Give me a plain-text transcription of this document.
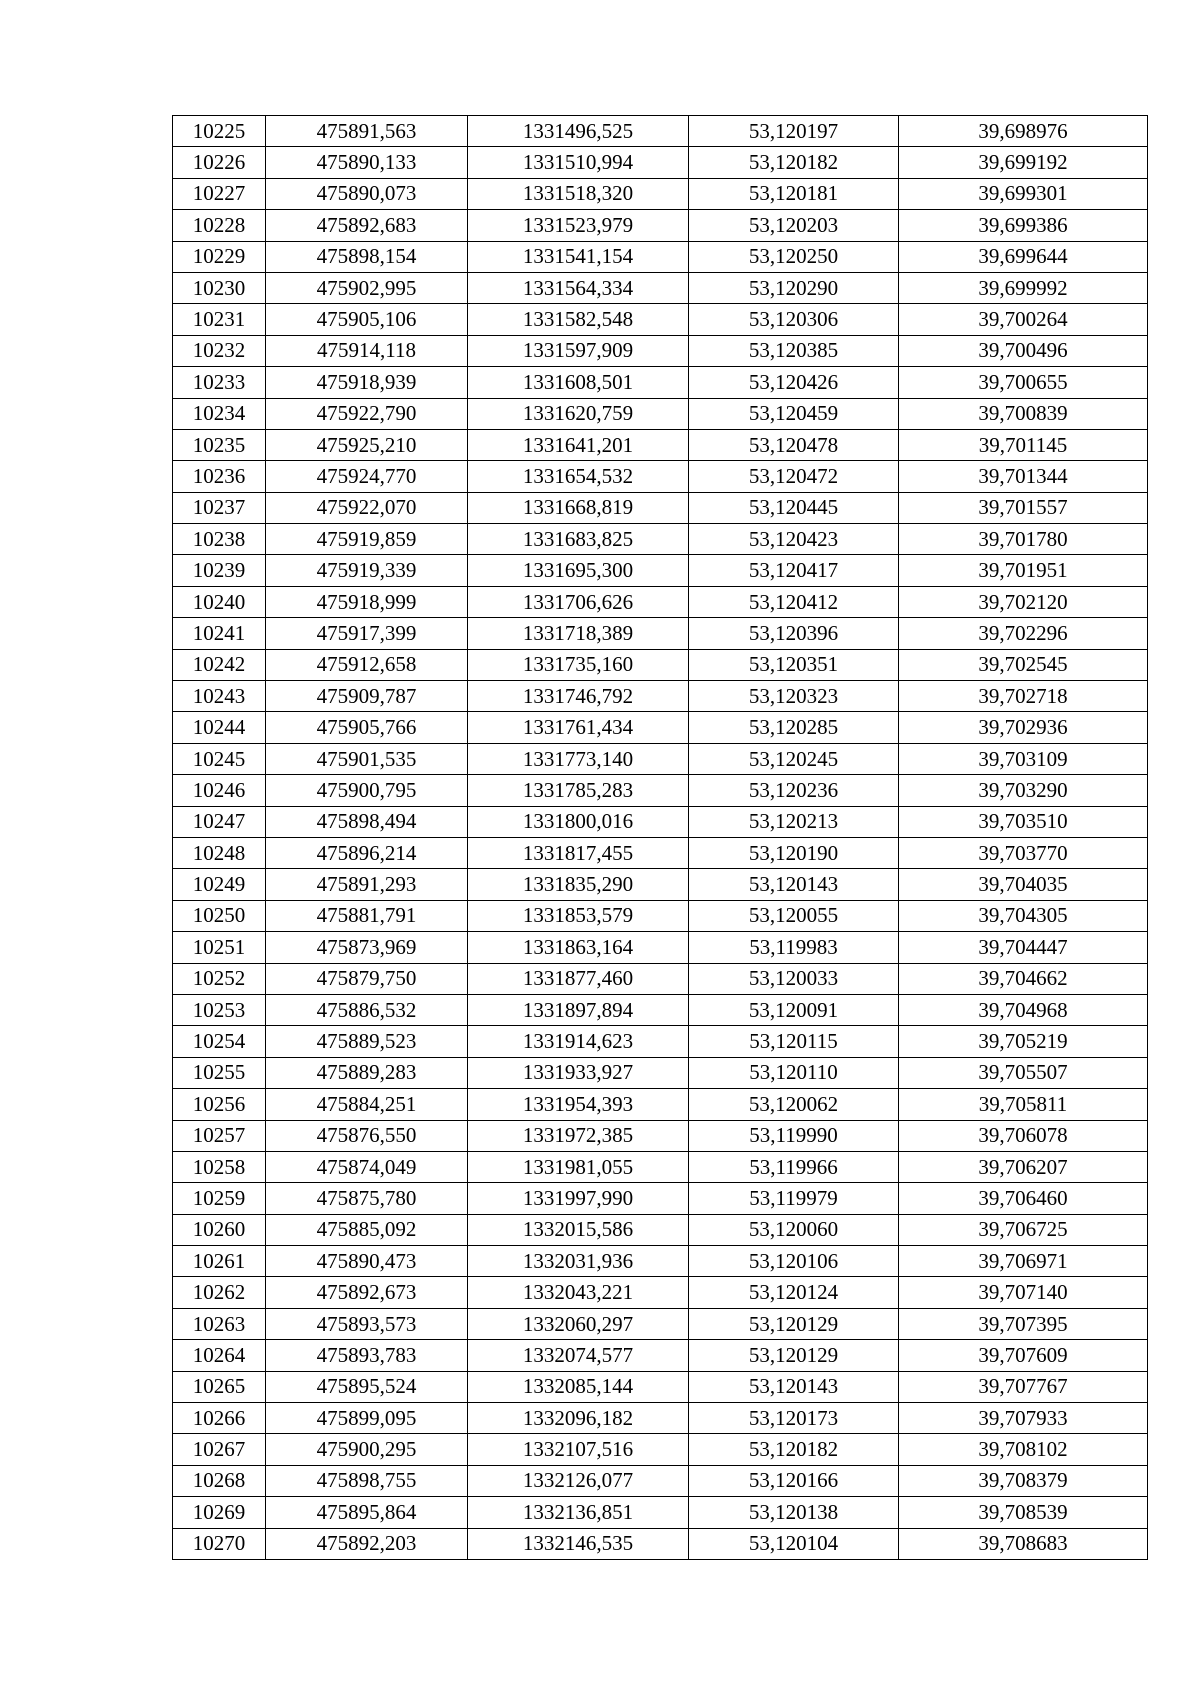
10225	475891,563	1331496,525	53,120197	39,698976
10226	475890,133	1331510,994	53,120182	39,699192
10227	475890,073	1331518,320	53,120181	39,699301
10228	475892,683	1331523,979	53,120203	39,699386
10229	475898,154	1331541,154	53,120250	39,699644
10230	475902,995	1331564,334	53,120290	39,699992
10231	475905,106	1331582,548	53,120306	39,700264
10232	475914,118	1331597,909	53,120385	39,700496
10233	475918,939	1331608,501	53,120426	39,700655
10234	475922,790	1331620,759	53,120459	39,700839
10235	475925,210	1331641,201	53,120478	39,701145
10236	475924,770	1331654,532	53,120472	39,701344
10237	475922,070	1331668,819	53,120445	39,701557
10238	475919,859	1331683,825	53,120423	39,701780
10239	475919,339	1331695,300	53,120417	39,701951
10240	475918,999	1331706,626	53,120412	39,702120
10241	475917,399	1331718,389	53,120396	39,702296
10242	475912,658	1331735,160	53,120351	39,702545
10243	475909,787	1331746,792	53,120323	39,702718
10244	475905,766	1331761,434	53,120285	39,702936
10245	475901,535	1331773,140	53,120245	39,703109
10246	475900,795	1331785,283	53,120236	39,703290
10247	475898,494	1331800,016	53,120213	39,703510
10248	475896,214	1331817,455	53,120190	39,703770
10249	475891,293	1331835,290	53,120143	39,704035
10250	475881,791	1331853,579	53,120055	39,704305
10251	475873,969	1331863,164	53,119983	39,704447
10252	475879,750	1331877,460	53,120033	39,704662
10253	475886,532	1331897,894	53,120091	39,704968
10254	475889,523	1331914,623	53,120115	39,705219
10255	475889,283	1331933,927	53,120110	39,705507
10256	475884,251	1331954,393	53,120062	39,705811
10257	475876,550	1331972,385	53,119990	39,706078
10258	475874,049	1331981,055	53,119966	39,706207
10259	475875,780	1331997,990	53,119979	39,706460
10260	475885,092	1332015,586	53,120060	39,706725
10261	475890,473	1332031,936	53,120106	39,706971
10262	475892,673	1332043,221	53,120124	39,707140
10263	475893,573	1332060,297	53,120129	39,707395
10264	475893,783	1332074,577	53,120129	39,707609
10265	475895,524	1332085,144	53,120143	39,707767
10266	475899,095	1332096,182	53,120173	39,707933
10267	475900,295	1332107,516	53,120182	39,708102
10268	475898,755	1332126,077	53,120166	39,708379
10269	475895,864	1332136,851	53,120138	39,708539
10270	475892,203	1332146,535	53,120104	39,708683
